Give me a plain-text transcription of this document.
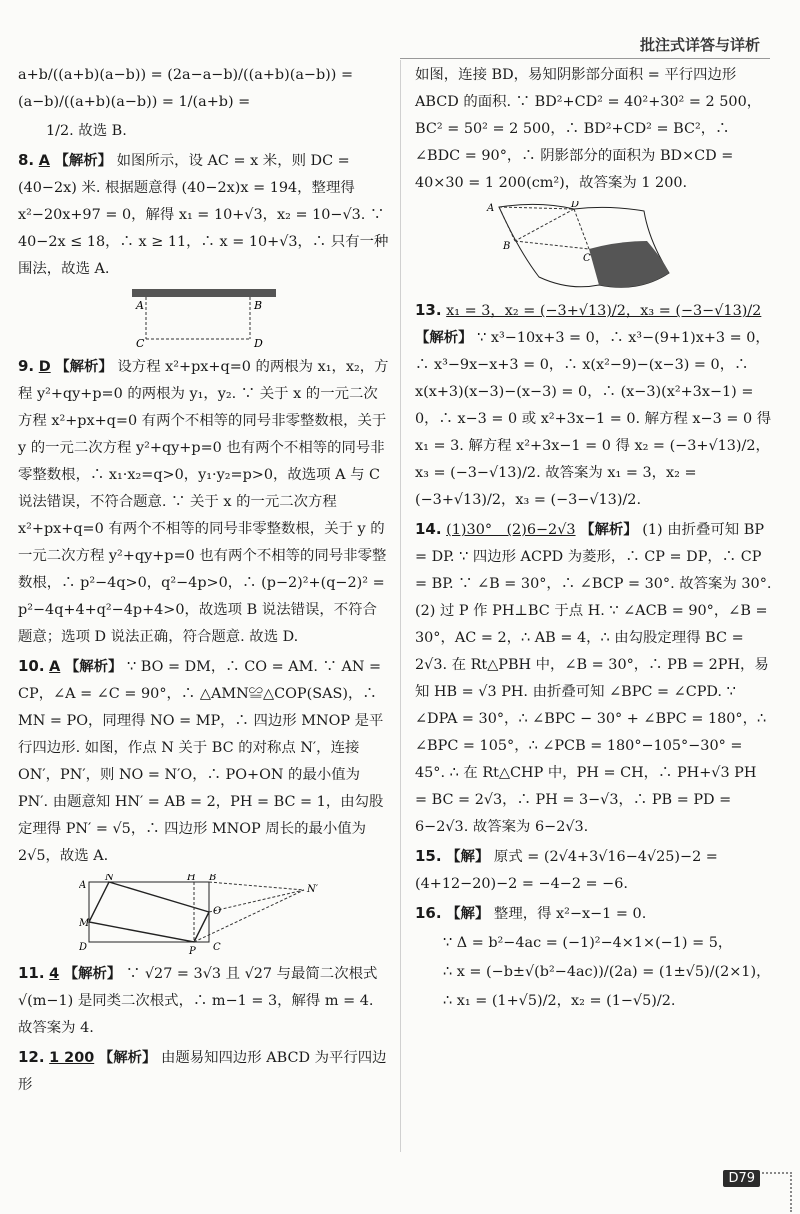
批注式详答与详析
a+b/((a+b)(a−b)) = (2a−a−b)/((a+b)(a−b)) = (a−b)/((a+b)(a−b)) = 1/(a+b) =
1/2. 故选 B.
8. A 【解析】 如图所示，设 AC = x 米，则 DC = (40−2x) 米. 根据题意得 (40−2x)x = 194，整理得 x²−20x+97 = 0，解得 x₁ = 10+√3，x₂ = 10−√3. ∵ 40−2x ≤ 18，∴ x ≥ 11，∴ x = 10+√3，∴ 只有一种围法，故选 A.
A	B
C	D
9. D 【解析】 设方程 x²+px+q=0 的两根为 x₁，x₂，方程 y²+qy+p=0 的两根为 y₁，y₂. ∵ 关于 x 的一元二次方程 x²+px+q=0 有两个不相等的同号非零整数根，关于 y 的一元二次方程 y²+qy+p=0 也有两个不相等的同号非零整数根，∴ x₁·x₂=q>0，y₁·y₂=p>0，故选项 A 与 C 说法错误，不符合题意. ∵ 关于 x 的一元二次方程 x²+px+q=0 有两个不相等的同号非零整数根，关于 y 的一元二次方程 y²+qy+p=0 也有两个不相等的同号非零整数根，∴ p²−4q>0，q²−4p>0，∴ (p−2)²+(q−2)² = p²−4q+4+q²−4p+4>0，故选项 B 说法错误，不符合题意；选项 D 说法正确，符合题意. 故选 D.
10. A 【解析】 ∵ BO = DM，∴ CO = AM. ∵ AN = CP，∠A = ∠C = 90°，∴ △AMN≌△COP(SAS)，∴ MN = PO，同理得 NO = MP，∴ 四边形 MNOP 是平行四边形. 如图，作点 N 关于 BC 的对称点 N′，连接 ON′，PN′，则 NO = N′O，∴ PO+ON 的最小值为 PN′. 由题意知 HN′ = AB = 2，PH = BC = 1，由勾股定理得 PN′ = √5，∴ 四边形 MNOP 周长的最小值为 2√5，故选 A.
A
N	H B
N′
O
M
D	P C
11. 4 【解析】 ∵ √27 = 3√3 且 √27 与最简二次根式 √(m−1) 是同类二次根式，∴ m−1 = 3，解得 m = 4. 故答案为 4.
12. 1 200 【解析】 由题易知四边形 ABCD 为平行四边形
如图，连接 BD，易知阴影部分面积 = 平行四边形 ABCD 的面积. ∵ BD²+CD² = 40²+30² = 2 500，BC² = 50² = 2 500，∴ BD²+CD² = BC²，∴ ∠BDC = 90°，∴ 阴影部分的面积为 BD×CD = 40×30 = 1 200(cm²)，故答案为 1 200.
A	D
B
C
13. x₁ = 3，x₂ = (−3+√13)/2，x₃ = (−3−√13)/2 【解析】 ∵ x³−10x+3 = 0，∴ x³−(9+1)x+3 = 0，∴ x³−9x−x+3 = 0，∴ x(x²−9)−(x−3) = 0，∴ x(x+3)(x−3)−(x−3) = 0，∴ (x−3)(x²+3x−1) = 0，∴ x−3 = 0 或 x²+3x−1 = 0. 解方程 x−3 = 0 得 x₁ = 3. 解方程 x²+3x−1 = 0 得 x₂ = (−3+√13)/2，x₃ = (−3−√13)/2. 故答案为 x₁ = 3，x₂ = (−3+√13)/2，x₃ = (−3−√13)/2.
14. (1)30°　(2)6−2√3 【解析】 (1) 由折叠可知 BP = DP. ∵ 四边形 ACPD 为菱形，∴ CP = DP，∴ CP = BP. ∵ ∠B = 30°，∴ ∠BCP = 30°. 故答案为 30°. (2) 过 P 作 PH⊥BC 于点 H. ∵ ∠ACB = 90°，∠B = 30°，AC = 2，∴ AB = 4，∴ 由勾股定理得 BC = 2√3. 在 Rt△PBH 中，∠B = 30°，∴ PB = 2PH，易知 HB = √3 PH. 由折叠可知 ∠BPC = ∠CPD. ∵ ∠DPA = 30°，∴ ∠BPC − 30° + ∠BPC = 180°，∴ ∠BPC = 105°，∴ ∠PCB = 180°−105°−30° = 45°. ∴ 在 Rt△CHP 中，PH = CH，∴ PH+√3 PH = BC = 2√3，∴ PH = 3−√3，∴ PB = PD = 6−2√3. 故答案为 6−2√3.
15. 【解】 原式 = (2√4+3√16−4√25)−2 = (4+12−20)−2 = −4−2 = −6.
16. 【解】 整理，得 x²−x−1 = 0.
∵ Δ = b²−4ac = (−1)²−4×1×(−1) = 5，
∴ x = (−b±√(b²−4ac))/(2a) = (1±√5)/(2×1)，
∴ x₁ = (1+√5)/2，x₂ = (1−√5)/2.
D79
